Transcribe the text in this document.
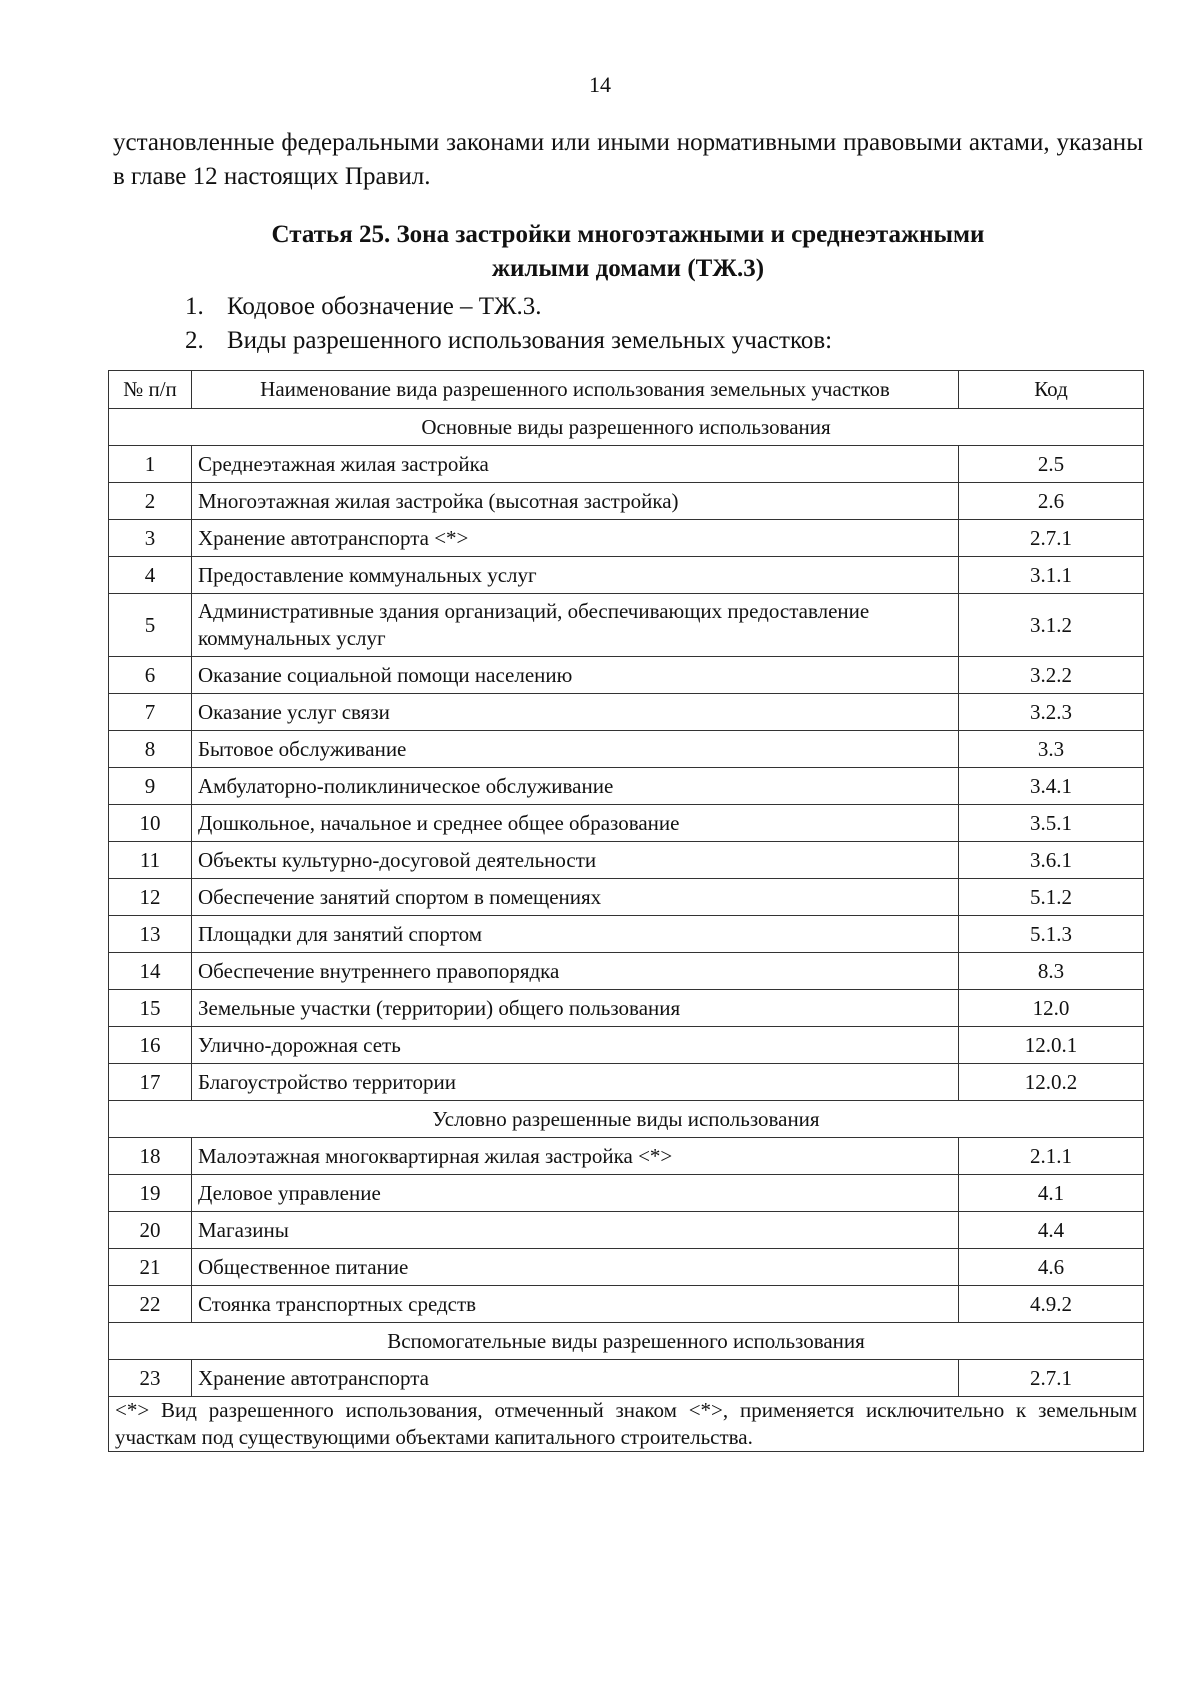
14
установленные федеральными законами или иными нормативными правовыми актами, указаны в главе 12 настоящих Правил.
Статья 25. Зона застройки многоэтажными и среднеэтажными
жилыми домами (ТЖ.3)
1. Кодовое обозначение – ТЖ.3.
2. Виды разрешенного использования земельных участков:
№ п/п	Наименование вида разрешенного использования земельных участков	Код
Основные виды разрешенного использования		
1	Среднеэтажная жилая застройка	2.5
2	Многоэтажная жилая застройка (высотная застройка)	2.6
3	Хранение автотранспорта <*>	2.7.1
4	Предоставление коммунальных услуг	3.1.1
5	Административные здания организаций, обеспечивающих предоставление коммунальных услуг	3.1.2
6	Оказание социальной помощи населению	3.2.2
7	Оказание услуг связи	3.2.3
8	Бытовое обслуживание	3.3
9	Амбулаторно-поликлиническое обслуживание	3.4.1
10	Дошкольное, начальное и среднее общее образование	3.5.1
11	Объекты культурно-досуговой деятельности	3.6.1
12	Обеспечение занятий спортом в помещениях	5.1.2
13	Площадки для занятий спортом	5.1.3
14	Обеспечение внутреннего правопорядка	8.3
15	Земельные участки (территории) общего пользования	12.0
16	Улично-дорожная сеть	12.0.1
17	Благоустройство территории	12.0.2
Условно разрешенные виды использования		
18	Малоэтажная многоквартирная жилая застройка <*>	2.1.1
19	Деловое управление	4.1
20	Магазины	4.4
21	Общественное питание	4.6
22	Стоянка транспортных средств	4.9.2
Вспомогательные виды разрешенного использования		
23	Хранение автотранспорта	2.7.1
<*> Вид разрешенного использования, отмеченный знаком <*>, применяется исключительно к земельным участкам под существующими объектами капитального строительства.		
